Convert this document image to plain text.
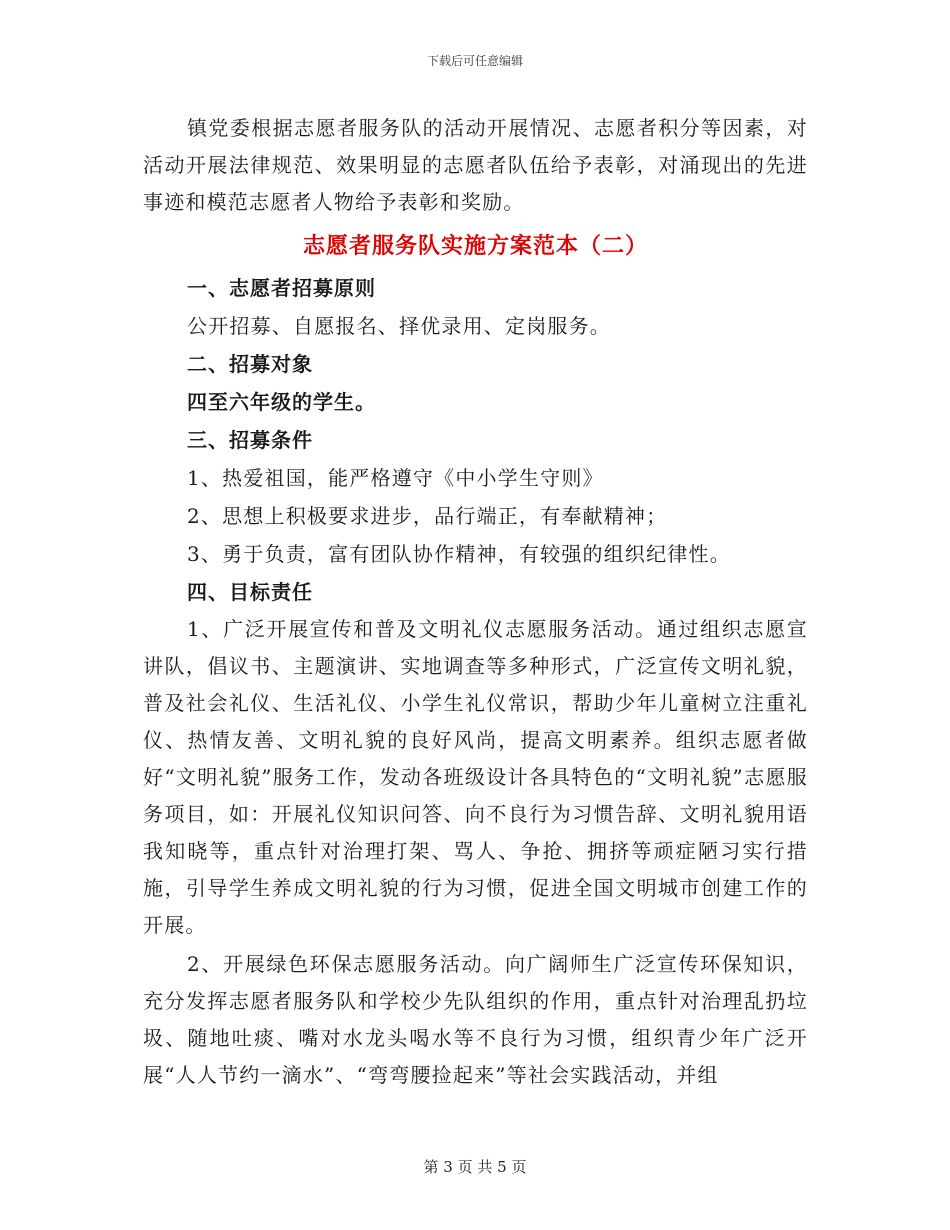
下载后可任意编辑

镇党委根据志愿者服务队的活动开展情况、志愿者积分等因素，对活动开展法律规范、效果明显的志愿者队伍给予表彰，对涌现出的先进事迹和模范志愿者人物给予表彰和奖励。

志愿者服务队实施方案范本（二）

一、志愿者招募原则

公开招募、自愿报名、择优录用、定岗服务。

二、招募对象

四至六年级的学生。

三、招募条件

1、热爱祖国，能严格遵守《中小学生守则》

2、思想上积极要求进步，品行端正，有奉献精神；

3、勇于负责，富有团队协作精神，有较强的组织纪律性。

四、目标责任

1、广泛开展宣传和普及文明礼仪志愿服务活动。通过组织志愿宣讲队，倡议书、主题演讲、实地调查等多种形式，广泛宣传文明礼貌，普及社会礼仪、生活礼仪、小学生礼仪常识，帮助少年儿童树立注重礼仪、热情友善、文明礼貌的良好风尚，提高文明素养。组织志愿者做好“文明礼貌”服务工作，发动各班级设计各具特色的“文明礼貌”志愿服务项目，如：开展礼仪知识问答、向不良行为习惯告辞、文明礼貌用语我知晓等，重点针对治理打架、骂人、争抢、拥挤等顽症陋习实行措施，引导学生养成文明礼貌的行为习惯，促进全国文明城市创建工作的开展。

2、开展绿色环保志愿服务活动。向广阔师生广泛宣传环保知识，充分发挥志愿者服务队和学校少先队组织的作用，重点针对治理乱扔垃圾、随地吐痰、嘴对水龙头喝水等不良行为习惯，组织青少年广泛开展“人人节约一滴水”、“弯弯腰捡起来”等社会实践活动，并组

第 3 页 共 5 页
